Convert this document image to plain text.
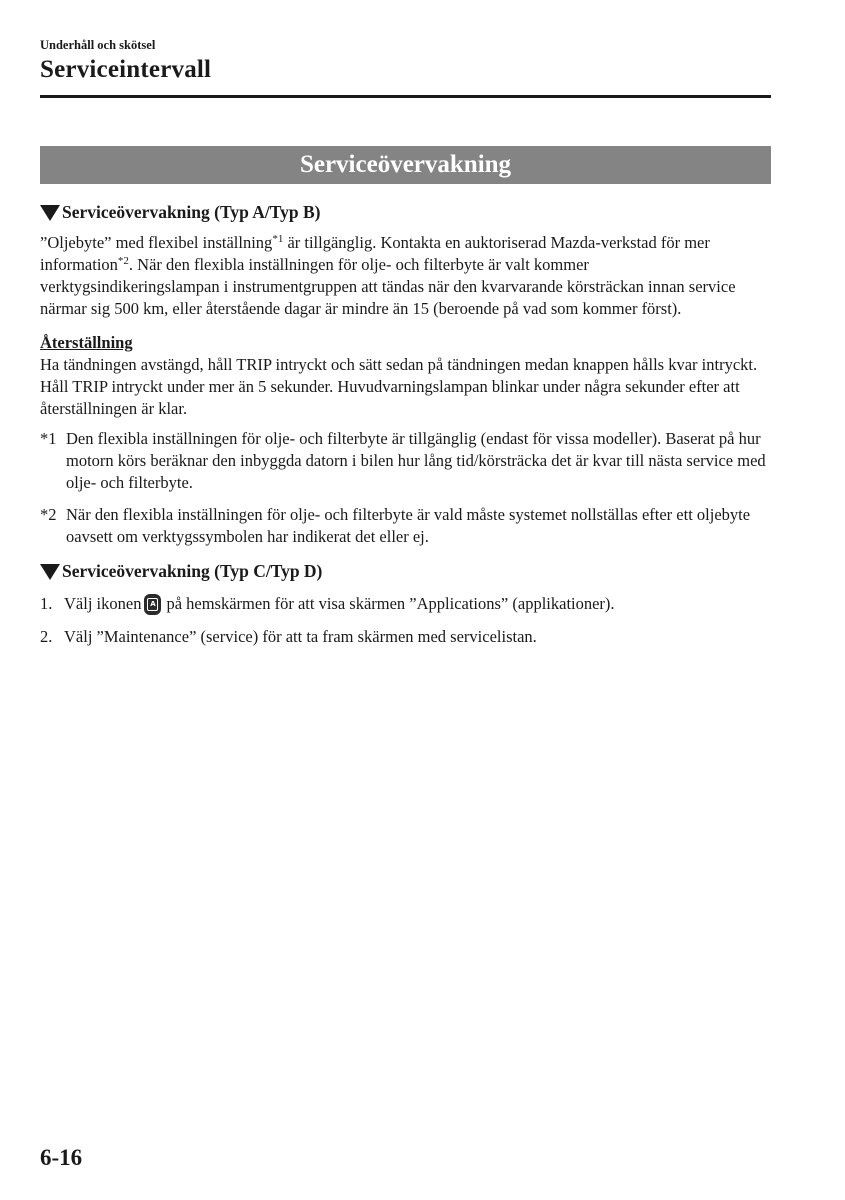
Underhåll och skötsel
Serviceintervall
Serviceövervakning
Serviceövervakning (Typ A/Typ B)

”Oljebyte” med flexibel inställning$^{*1}$ är tillgänglig. Kontakta en auktoriserad Mazda-verkstad för mer information$^{*2}$. När den flexibla inställningen för olje- och filterbyte är valt kommer verktygsindikeringslampan i instrumentgruppen att tändas när den kvarvarande körsträckan innan service närmar sig 500 km, eller återstående dagar är mindre än 15 (beroende på vad som kommer först).

Återställning

Ha tändningen avstängd, håll TRIP intryckt och sätt sedan på tändningen medan knappen hålls kvar intryckt. Håll TRIP intryckt under mer än 5 sekunder. Huvudvarningslampan blinkar under några sekunder efter att återställningen är klar.

*1 Den flexibla inställningen för olje- och filterbyte är tillgänglig (endast för vissa modeller). Baserat på hur motorn körs beräknar den inbyggda datorn i bilen hur lång tid/körsträcka det är kvar till nästa service med olje- och filterbyte.
*2 När den flexibla inställningen för olje- och filterbyte är vald måste systemet nollställas efter ett oljebyte oavsett om verktygssymbolen har indikerat det eller ej.
Serviceövervakning (Typ C/Typ D)
1. Välj ikonen	A på hemskärmen för att visa skärmen ”Applications” (applikationer).
2. Välj ”Maintenance” (service) för att ta fram skärmen med servicelistan.
6-16
